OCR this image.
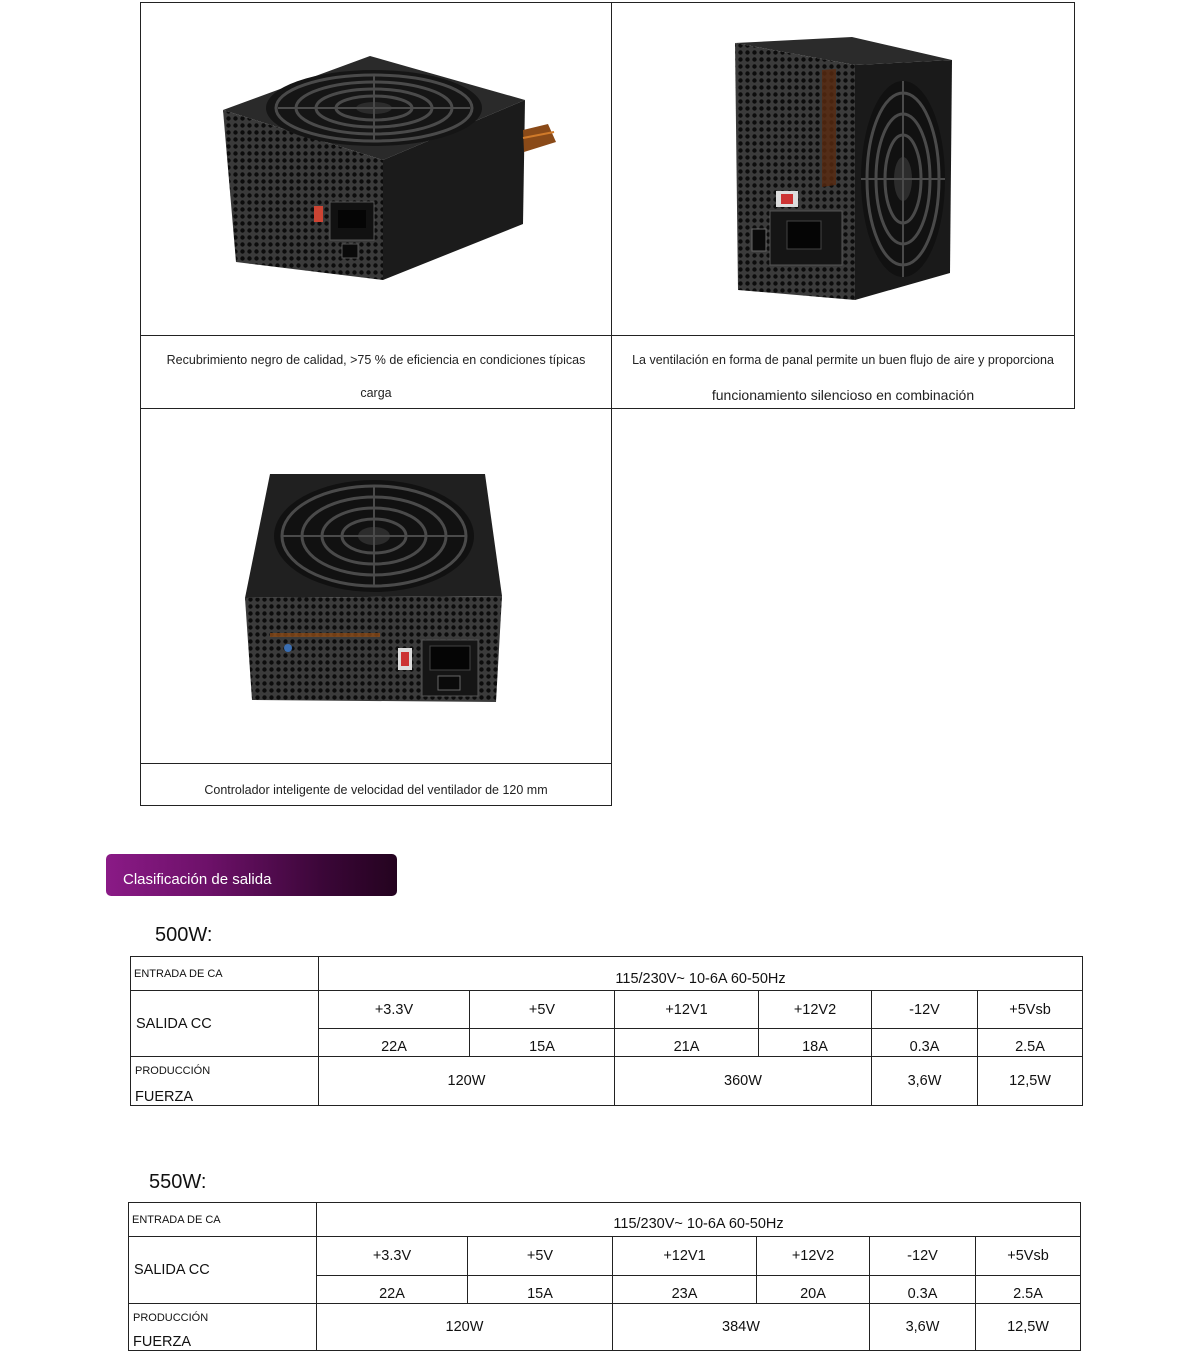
Recubrimiento negro de calidad, >75 % de eficiencia en condiciones típicas
carga
La ventilación en forma de panal permite un buen flujo de aire y proporciona
funcionamiento silencioso en combinación
Controlador inteligente de velocidad del ventilador de 120 mm
Clasificación de salida
500W:
ENTRADA DE CA	115/230V~ 10-6A 60-50Hz					
SALIDA CC	+3.3V	+5V	+12V1	+12V2	-12V	+5Vsb
	22A	15A	21A	18A	0.3A	2.5A

PRODUCCIÓN
FUERZA	120W		360W		3,6W	12,5W
550W:
ENTRADA DE CA	115/230V~ 10-6A 60-50Hz					
SALIDA CC	+3.3V	+5V	+12V1	+12V2	-12V	+5Vsb
	22A	15A	23A	20A	0.3A	2.5A

PRODUCCIÓN
FUERZA	120W		384W		3,6W	12,5W
